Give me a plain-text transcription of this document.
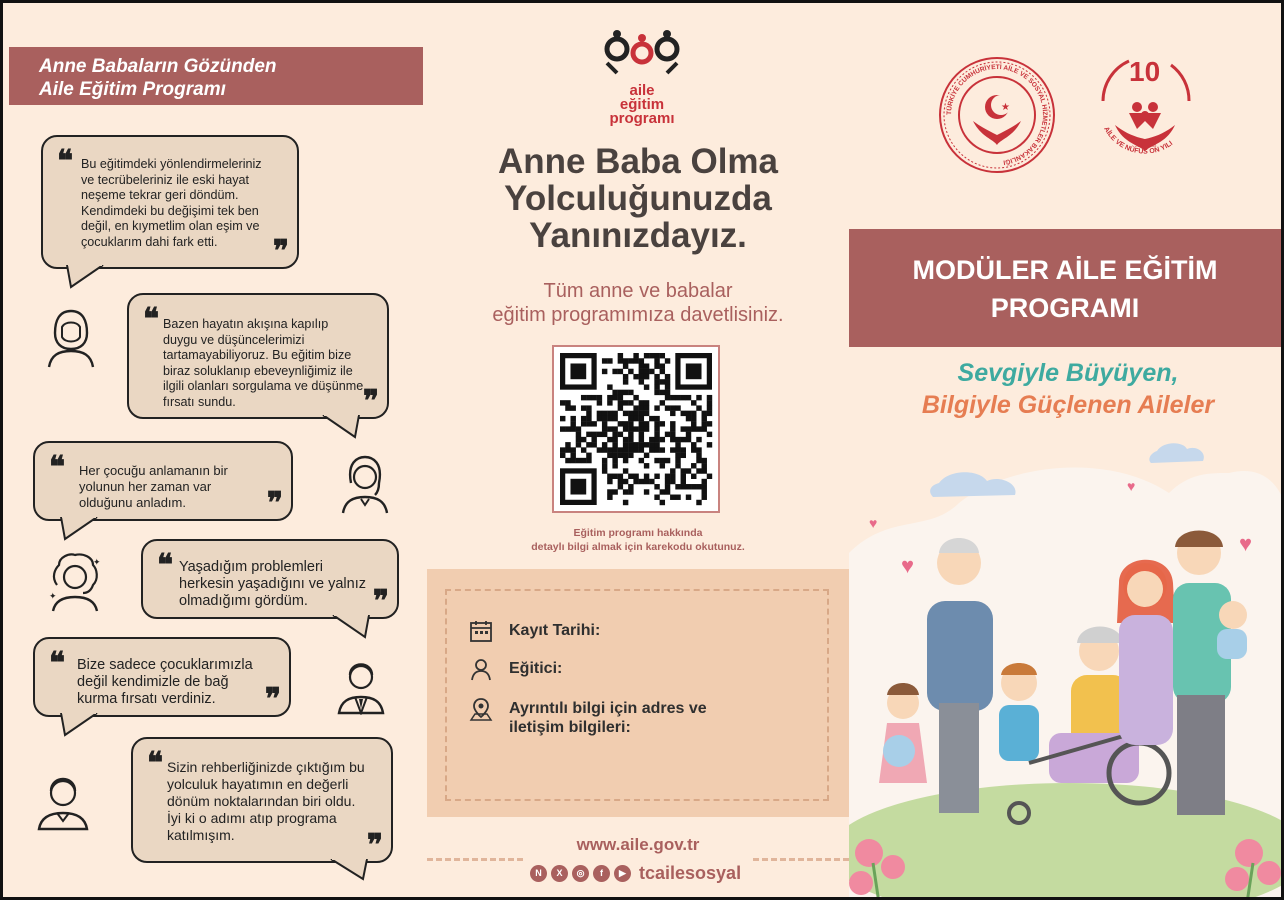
Anne Babaların Gözünden
Aile Eğitim Programı
❝ Bu eğitimdeki yönlendirmeleriniz ve tecrübeleriniz ile eski hayat neşeme tekrar geri döndüm. Kendimdeki bu değişimi tek ben değil, en kıymetlim olan eşim ve çocuklarım dahi fark etti.	❞
❝ Bazen hayatın akışına kapılıp duygu ve düşüncelerimizi tartamayabiliyoruz. Bu eğitim bize biraz soluklanıp ebeveynliğimiz ile ilgili olanları sorgulama ve düşünme fırsatı sundu.	❞
❝ Her çocuğu anlamanın bir yolunun her zaman var olduğunu anladım.	❞
❝ Yaşadığım problemleri herkesin yaşadığını ve yalnız olmadığımı gördüm.	❞
✦
✦
❝ Bize sadece çocuklarımızla değil kendimizle de bağ kurma fırsatı verdiniz.	❞
❝ Sizin rehberliğinizde çıktığım bu yolculuk hayatımın en değerli dönüm noktalarından biri oldu. İyi ki o adımı atıp programa katılmışım.	❞
aile
eğitim
programı
Anne Baba Olma
Yolculuğunuzda
Yanınızdayız.
Tüm anne ve babalar
eğitim programımıza davetlisiniz.
Eğitim programı hakkında
detaylı bilgi almak için karekodu okutunuz.
Kayıt Tarihi:
Eğitici:
Ayrıntılı bilgi için adres ve iletişim bilgileri:
www.aile.gov.tr
N	X	◎	f	▶ tcailesosyal
TÜRKİYE CUMHURİYETİ AİLE VE SOSYAL HİZMETLER BAKANLIĞI
★
10
2025 - 2035
AİLE VE NÜFUS ON YILI
MODÜLER AİLE EĞİTİM
PROGRAMI
Sevgiyle Büyüyen,
Bilgiyle Güçlenen Aileler
♥
♥
♥
♥
